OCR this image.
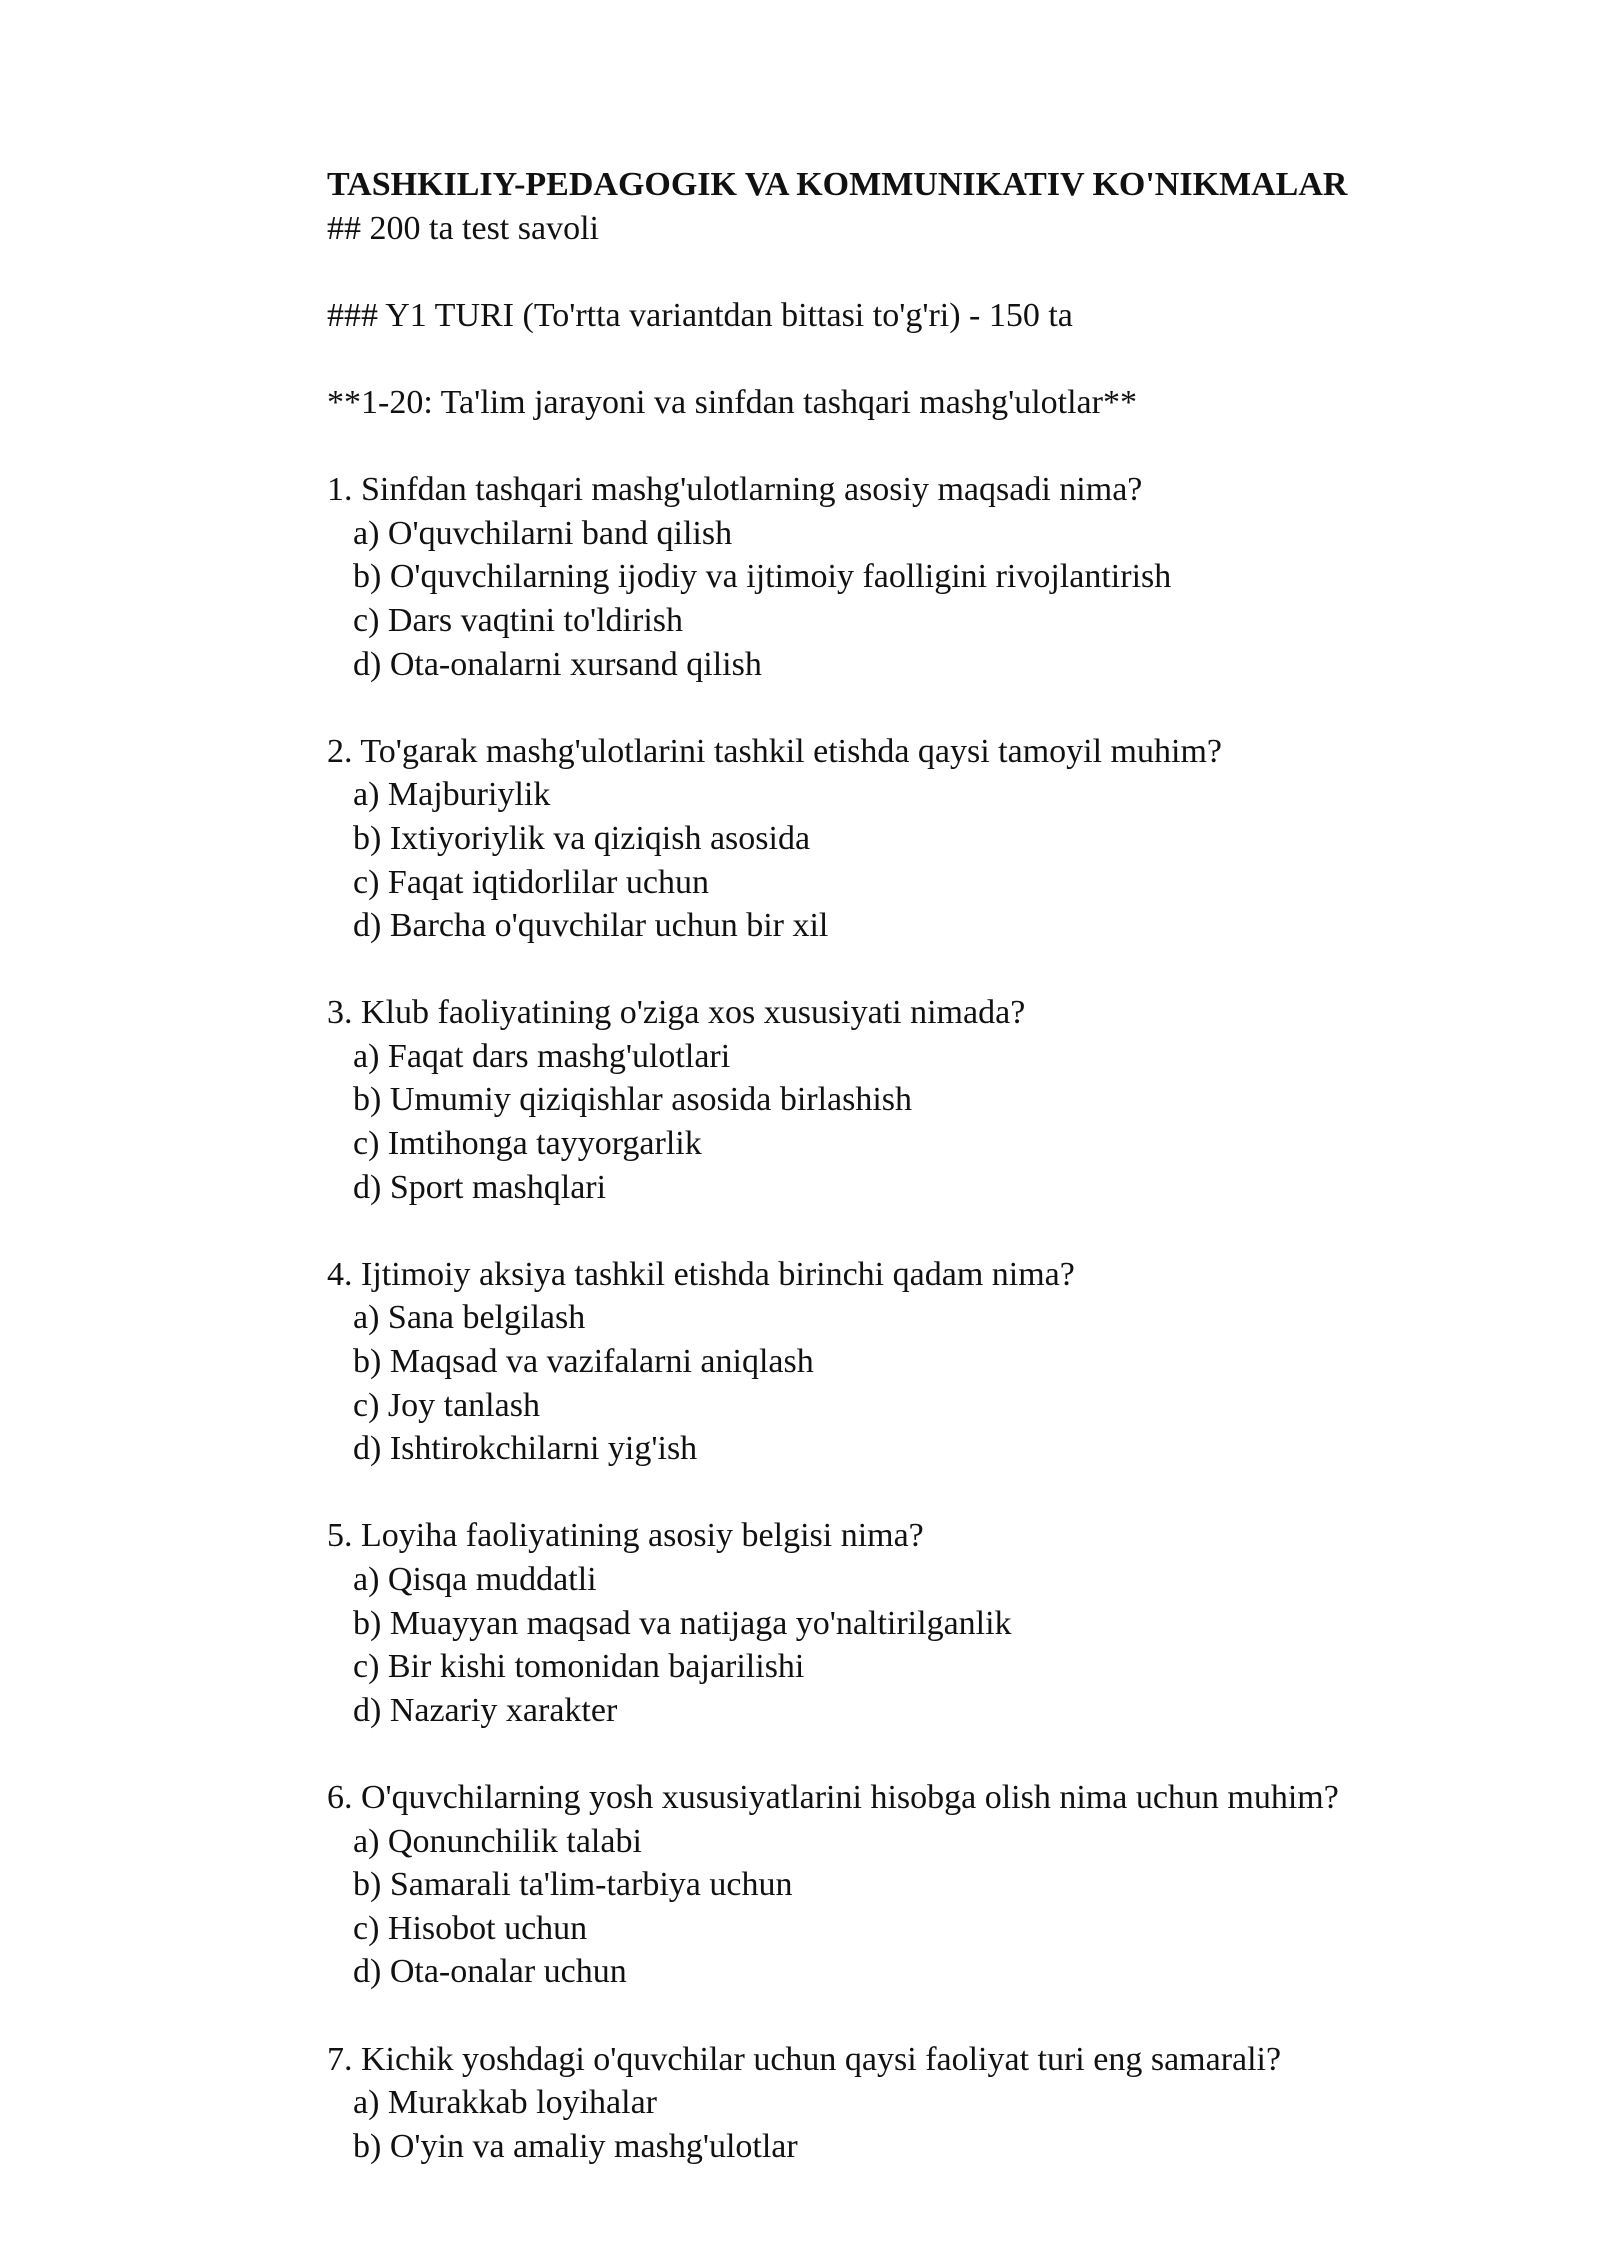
TASHKILIY-PEDAGOGIK VA KOMMUNIKATIV KO'NIKMALAR
## 200 ta test savoli
### Y1 TURI (To'rtta variantdan bittasi to'g'ri) - 150 ta
**1-20: Ta'lim jarayoni va sinfdan tashqari mashg'ulotlar**
1. Sinfdan tashqari mashg'ulotlarning asosiy maqsadi nima?
a) O'quvchilarni band qilish
b) O'quvchilarning ijodiy va ijtimoiy faolligini rivojlantirish
c) Dars vaqtini to'ldirish
d) Ota-onalarni xursand qilish
2. To'garak mashg'ulotlarini tashkil etishda qaysi tamoyil muhim?
a) Majburiylik
b) Ixtiyoriylik va qiziqish asosida
c) Faqat iqtidorlilar uchun
d) Barcha o'quvchilar uchun bir xil
3. Klub faoliyatining o'ziga xos xususiyati nimada?
a) Faqat dars mashg'ulotlari
b) Umumiy qiziqishlar asosida birlashish
c) Imtihonga tayyorgarlik
d) Sport mashqlari
4. Ijtimoiy aksiya tashkil etishda birinchi qadam nima?
a) Sana belgilash
b) Maqsad va vazifalarni aniqlash
c) Joy tanlash
d) Ishtirokchilarni yig'ish
5. Loyiha faoliyatining asosiy belgisi nima?
a) Qisqa muddatli
b) Muayyan maqsad va natijaga yo'naltirilganlik
c) Bir kishi tomonidan bajarilishi
d) Nazariy xarakter
6. O'quvchilarning yosh xususiyatlarini hisobga olish nima uchun muhim?
a) Qonunchilik talabi
b) Samarali ta'lim-tarbiya uchun
c) Hisobot uchun
d) Ota-onalar uchun
7. Kichik yoshdagi o'quvchilar uchun qaysi faoliyat turi eng samarali?
a) Murakkab loyihalar
b) O'yin va amaliy mashg'ulotlar
